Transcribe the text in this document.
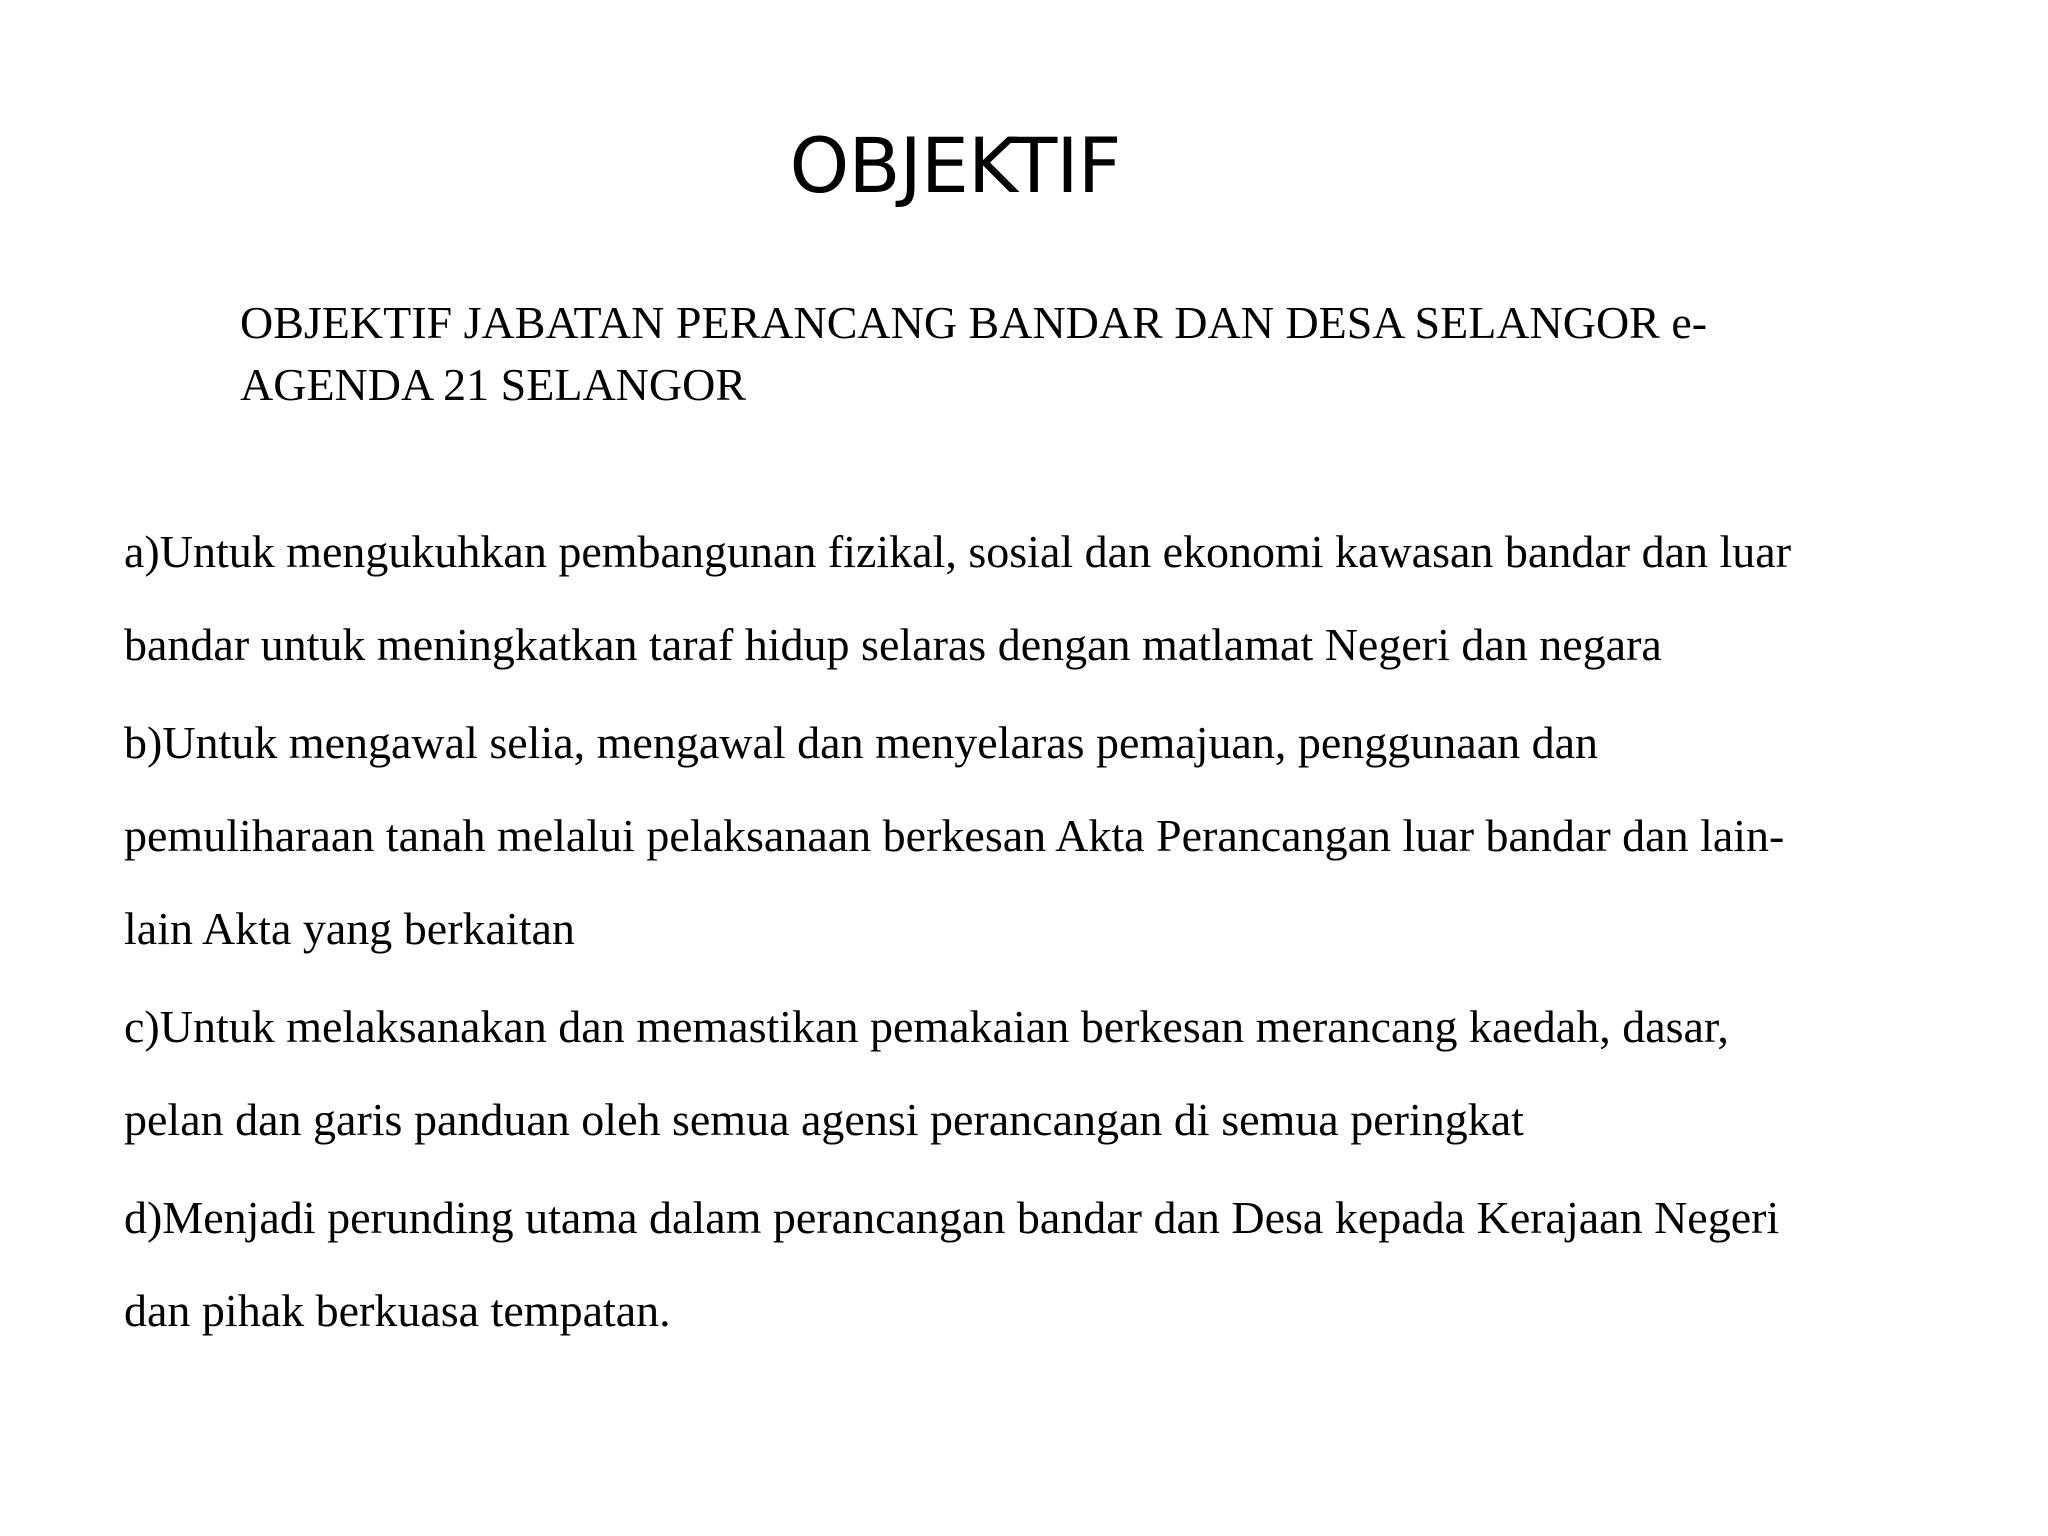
OBJEKTIF

OBJEKTIF JABATAN PERANCANG BANDAR DAN DESA SELANGOR e-
AGENDA 21 SELANGOR

a)Untuk mengukuhkan pembangunan fizikal, sosial dan ekonomi kawasan bandar dan luar
bandar untuk meningkatkan taraf hidup selaras dengan matlamat Negeri dan negara
b)Untuk mengawal selia, mengawal dan menyelaras pemajuan, penggunaan dan
pemuliharaan tanah melalui pelaksanaan berkesan Akta Perancangan luar bandar dan lain-
lain Akta yang berkaitan
c)Untuk melaksanakan dan memastikan pemakaian berkesan merancang kaedah, dasar,
pelan dan garis panduan oleh semua agensi perancangan di semua peringkat
d)Menjadi perunding utama dalam perancangan bandar dan Desa kepada Kerajaan Negeri
dan pihak berkuasa tempatan.
